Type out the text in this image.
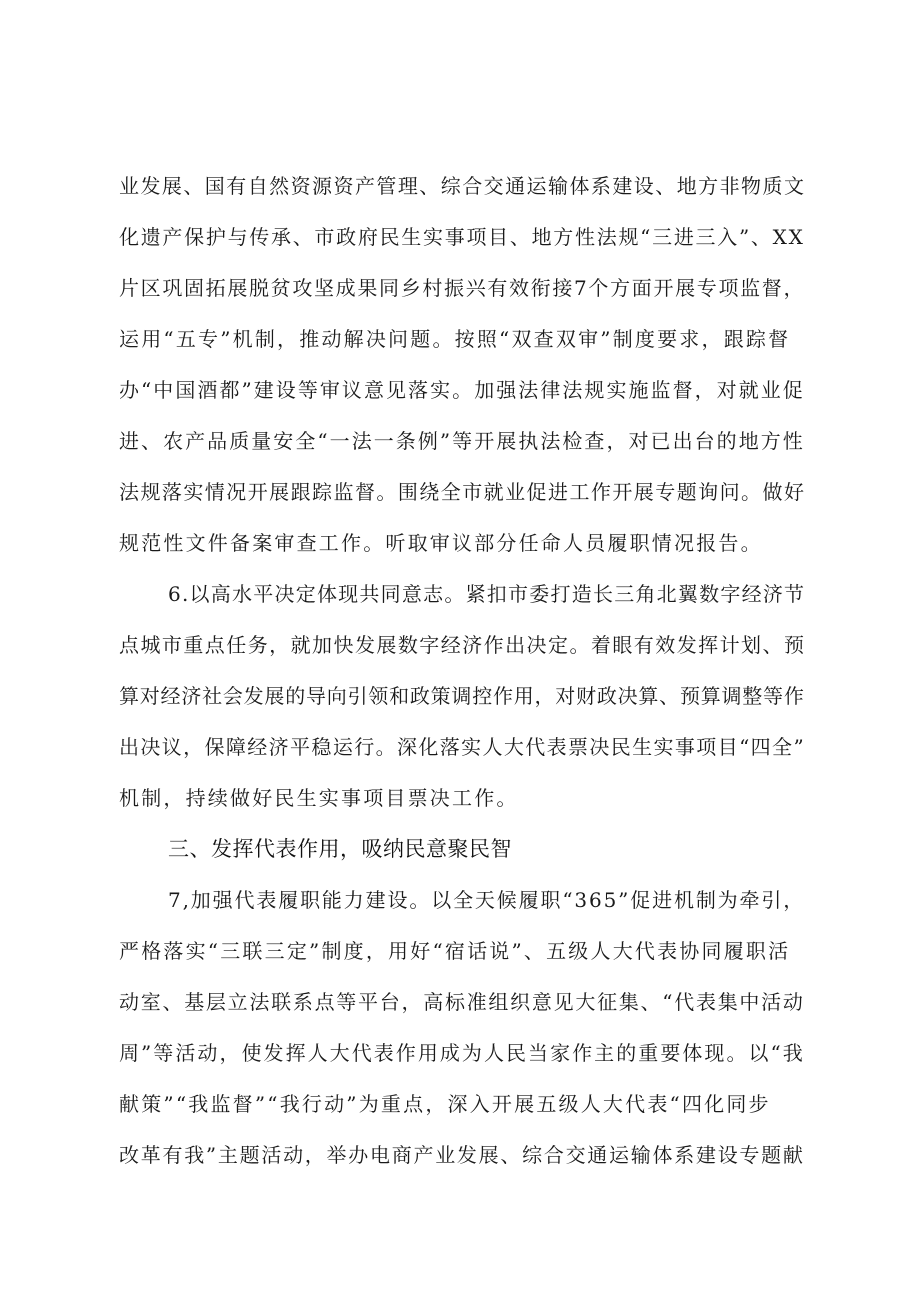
业发展、国有自然资源资产管理、综合交通运输体系建设、地方非物质文
化遗产保护与传承、市政府民生实事项目、地方性法规“三进三入”、XX
片区巩固拓展脱贫攻坚成果同乡村振兴有效衔接7个方面开展专项监督，
运用“五专”机制，推动解决问题。按照“双查双审”制度要求，跟踪督
办“中国酒都”建设等审议意见落实。加强法律法规实施监督，对就业促
进、农产品质量安全“一法一条例”等开展执法检查，对已出台的地方性
法规落实情况开展跟踪监督。围绕全市就业促进工作开展专题询问。做好
规范性文件备案审查工作。听取审议部分任命人员履职情况报告。
6.以高水平决定体现共同意志。紧扣市委打造长三角北翼数字经济节
点城市重点任务，就加快发展数字经济作出决定。着眼有效发挥计划、预
算对经济社会发展的导向引领和政策调控作用，对财政决算、预算调整等作
出决议，保障经济平稳运行。深化落实人大代表票决民生实事项目“四全”
机制，持续做好民生实事项目票决工作。
三、发挥代表作用，吸纳民意聚民智
7,加强代表履职能力建设。以全天候履职“365”促进机制为牵引，
严格落实“三联三定”制度，用好“宿话说”、五级人大代表协同履职活
动室、基层立法联系点等平台，高标准组织意见大征集、“代表集中活动
周”等活动，使发挥人大代表作用成为人民当家作主的重要体现。以“我
献策”“我监督”“我行动”为重点，深入开展五级人大代表“四化同步
改革有我”主题活动，举办电商产业发展、综合交通运输体系建设专题献
